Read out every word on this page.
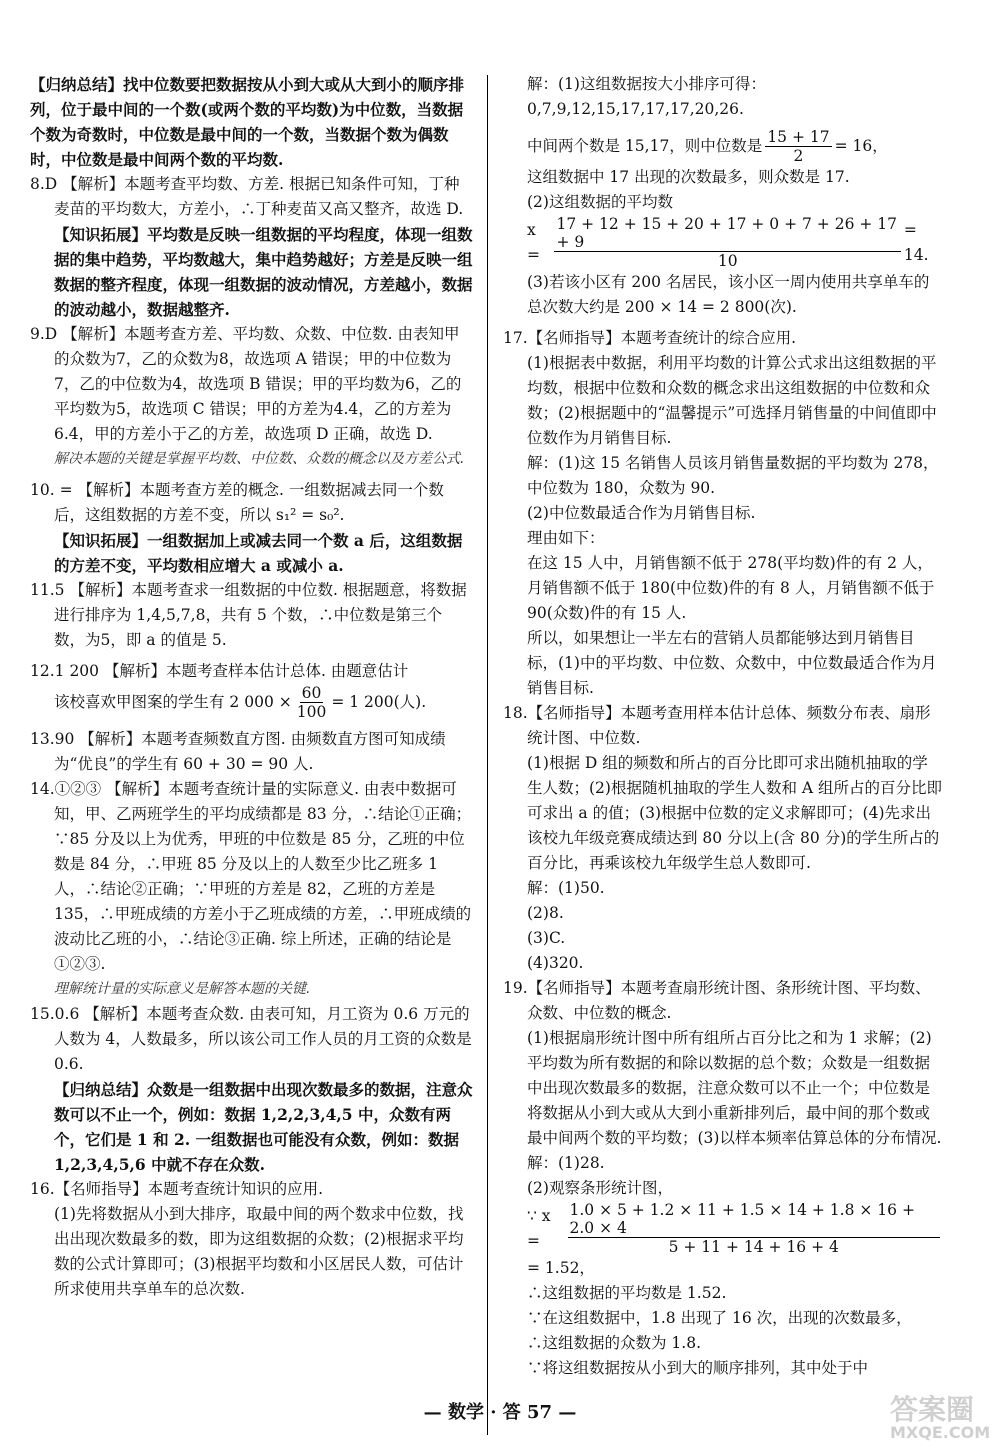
【归纳总结】找中位数要把数据按从小到大或从大到小的顺序排列，位于最中间的一个数(或两个数的平均数)为中位数，当数据个数为奇数时，中位数是最中间的一个数，当数据个数为偶数时，中位数是最中间两个数的平均数.

8.D 【解析】本题考查平均数、方差. 根据已知条件可知，丁种麦苗的平均数大，方差小，∴丁种麦苗又高又整齐，故选 D.

【知识拓展】平均数是反映一组数据的平均程度，体现一组数据的集中趋势，平均数越大，集中趋势越好；方差是反映一组数据的整齐程度，体现一组数据的波动情况，方差越小，数据的波动越小，数据越整齐.

9.D 【解析】本题考查方差、平均数、众数、中位数. 由表知甲的众数为7，乙的众数为8，故选项 A 错误；甲的中位数为7，乙的中位数为4，故选项 B 错误；甲的平均数为6，乙的平均数为5，故选项 C 错误；甲的方差为4.4，乙的方差为6.4，甲的方差小于乙的方差，故选项 D 正确，故选 D.

解决本题的关键是掌握平均数、中位数、众数的概念以及方差公式.

10. = 【解析】本题考查方差的概念. 一组数据减去同一个数后，这组数据的方差不变，所以 s₁² = s₀².

【知识拓展】一组数据加上或减去同一个数 a 后，这组数据的方差不变，平均数相应增大 a 或减小 a.

11.5 【解析】本题考查求一组数据的中位数. 根据题意，将数据进行排序为 1,4,5,7,8，共有 5 个数，∴中位数是第三个数，为5，即 a 的值是 5.

12.1 200 【解析】本题考查样本估计总体. 由题意估计

该校喜欢甲图案的学生有 2 $000 \times \frac{60}{100} = 1$ 200(人).

13.90 【解析】本题考查频数直方图. 由频数直方图可知成绩为“优良”的学生有 60 + 30 = 90 人.

14.①②③ 【解析】本题考查统计量的实际意义. 由表中数据可知，甲、乙两班学生的平均成绩都是 83 分，∴结论①正确；∵85 分及以上为优秀，甲班的中位数是 85 分，乙班的中位数是 84 分，∴甲班 85 分及以上的人数至少比乙班多 1 人，∴结论②正确；∵甲班的方差是 82，乙班的方差是 135，∴甲班成绩的方差小于乙班成绩的方差，∴甲班成绩的波动比乙班的小，∴结论③正确. 综上所述，正确的结论是①②③.

理解统计量的实际意义是解答本题的关键.

15.0.6 【解析】本题考查众数. 由表可知，月工资为 0.6 万元的人数为 4，人数最多，所以该公司工作人员的月工资的众数是 0.6.

【归纳总结】众数是一组数据中出现次数最多的数据，注意众数可以不止一个，例如：数据 1,2,2,3,4,5 中，众数有两个，它们是 1 和 2. 一组数据也可能没有众数，例如：数据 1,2,3,4,5,6 中就不存在众数.

16.【名师指导】本题考查统计知识的应用.

(1)先将数据从小到大排序，取最中间的两个数求中位数，找出出现次数最多的数，即为这组数据的众数；(2)根据求平均数的公式计算即可；(3)根据平均数和小区居民人数，可估计所求使用共享单车的总次数.

解：(1)这组数据按大小排序可得：0,7,9,12,15,17,17,17,20,26.

中间两个数是 15,17，则中位数是 $\frac{15 + 17}{2} = 16$，

这组数据中 17 出现的次数最多，则众数是 17.

(2)这组数据的平均数

$x = \frac{17 + 12 + 15 + 20 + 17 + 0 + 7 + 26 + 17 + 9}{10} = 14$.

(3)若该小区有 200 名居民，该小区一周内使用共享单车的总次数大约是 200 × 14 = 2 800(次).

17.【名师指导】本题考查统计的综合应用.

(1)根据表中数据，利用平均数的计算公式求出这组数据的平均数，根据中位数和众数的概念求出这组数据的中位数和众数；(2)根据题中的“温馨提示”可选择月销售量的中间值即中位数作为月销售目标.

解：(1)这 15 名销售人员该月销售量数据的平均数为 278，中位数为 180，众数为 90.

(2)中位数最适合作为月销售目标.

理由如下：

在这 15 人中，月销售额不低于 278(平均数)件的有 2 人，月销售额不低于 180(中位数)件的有 8 人，月销售额不低于 90(众数)件的有 15 人.

所以，如果想让一半左右的营销人员都能够达到月销售目标，(1)中的平均数、中位数、众数中，中位数最适合作为月销售目标.

18.【名师指导】本题考查用样本估计总体、频数分布表、扇形统计图、中位数.

(1)根据 D 组的频数和所占的百分比即可求出随机抽取的学生人数；(2)根据随机抽取的学生人数和 A 组所占的百分比即可求出 a 的值；(3)根据中位数的定义求解即可；(4)先求出该校九年级竞赛成绩达到 80 分以上(含 80 分)的学生所占的百分比，再乘该校九年级学生总人数即可.

解：(1)50.

(2)8.

(3)C.

(4)320.

19.【名师指导】本题考查扇形统计图、条形统计图、平均数、众数、中位数的概念.

(1)根据扇形统计图中所有组所占百分比之和为 1 求解；(2)平均数为所有数据的和除以数据的总个数；众数是一组数据中出现次数最多的数据，注意众数可以不止一个；中位数是将数据从小到大或从大到小重新排列后，最中间的那个数或最中间两个数的平均数；(3)以样本频率估算总体的分布情况.

解：(1)28.

(2)观察条形统计图，

∵ x =	$\frac{1.0 \times 5 + 1.2 \times 11 + 1.5 \times 14 + 1.8 \times 16 + 2.0 \times 4}{5 + 11 + 14 + 16 + 4}$

= 1.52，

∴这组数据的平均数是 1.52.

∵在这组数据中，1.8 出现了 16 次，出现的次数最多，

∴这组数据的众数为 1.8.

∵将这组数据按从小到大的顺序排列，其中处于中

— 数学 · 答 57 —	答案圈
MXQE.COM
